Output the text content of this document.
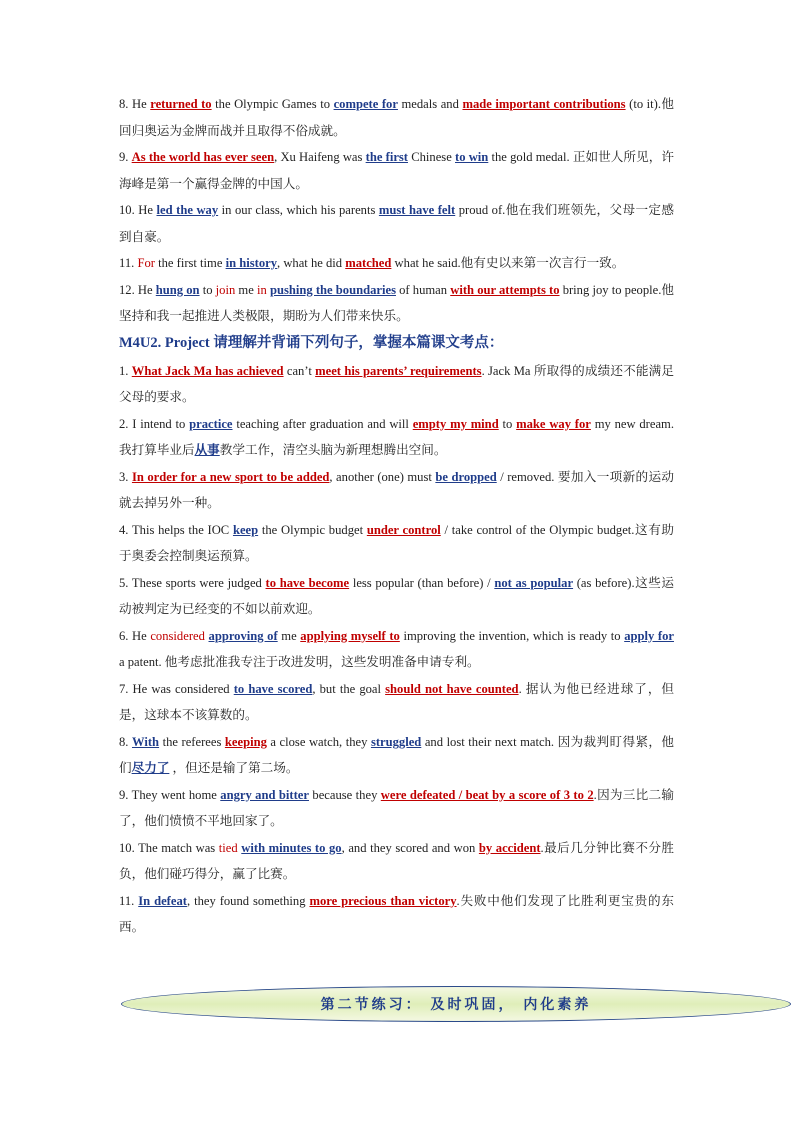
8. He returned to the Olympic Games to compete for medals and made important contributions (to it).他回归奥运为金牌而战并且取得不俗成就。

9. As the world has ever seen, Xu Haifeng was the first Chinese to win the gold medal. 正如世人所见，许海峰是第一个赢得金牌的中国人。

10. He led the way in our class, which his parents must have felt proud of.他在我们班领先，父母一定感到自豪。

11. For the first time in history, what he did matched what he said.他有史以来第一次言行一致。

12. He hung on to join me in pushing the boundaries of human with our attempts to bring joy to people.他坚持和我一起推进人类极限，期盼为人们带来快乐。

M4U2. Project 请理解并背诵下列句子，掌握本篇课文考点：

1. What Jack Ma has achieved can’t meet his parents’ requirements. Jack Ma 所取得的成绩还不能满足父母的要求。

2. I intend to practice teaching after graduation and will empty my mind to make way for my new dream.我打算毕业后从事教学工作，清空头脑为新理想腾出空间。

3. In order for a new sport to be added, another (one) must be dropped / removed. 要加入一项新的运动就去掉另外一种。

4. This helps the IOC keep the Olympic budget under control / take control of the Olympic budget.这有助于奥委会控制奥运预算。

5. These sports were judged to have become less popular (than before) / not as popular (as before).这些运动被判定为已经变的不如以前欢迎。

6. He considered approving of me applying myself to improving the invention, which is ready to apply for a patent. 他考虑批准我专注于改进发明，这些发明准备申请专利。

7. He was considered to have scored, but the goal should not have counted. 据认为他已经进球了，但是，这球本不该算数的。

8. With the referees keeping a close watch, they struggled and lost their next match. 因为裁判盯得紧，他们尽力了 ，但还是输了第二场。

9. They went home angry and bitter because they were defeated / beat by a score of 3 to 2.因为三比二输了，他们愤愤不平地回家了。

10. The match was tied with minutes to go, and they scored and won by accident.最后几分钟比赛不分胜负，他们碰巧得分，赢了比赛。

11. In defeat, they found something more precious than victory.失败中他们发现了比胜利更宝贵的东西。

第二节练习： 及时巩固， 内化素养
